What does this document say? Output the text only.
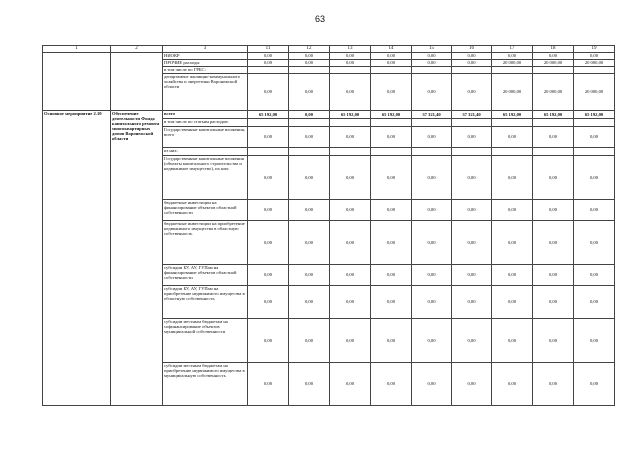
63
1	2	3	11	12	13	14	15	16	17	18	19
		НИОКР	0,00	0,00	0,00	0,00	0,00	0,00	0,00	0,00	0,00
		ПРОЧИЕ расходы	0,00	0,00	0,00	0,00	0,00	0,00	20 000,00	20 000,00	20 000,00
		в том числе по ГРБС:									
		департамент жилищно-коммунального хозяйства и энергетики Воронежской области	0,00	0,00	0,00	0,00	0,00	0,00	20 000,00	20 000,00	20 000,00
Основное мероприятие 2.10	Обеспечение деятельности Фонда капитального ремонта многоквартирных домов Воронежской области	всего	65 192,00	0,00	65 192,00	65 192,00	37 321,40	37 321,40	65 192,00	65 192,00	65 192,00
		в том числе по статьям расходов:									
		Государственные капитальные вложения, всего	0,00	0,00	0,00	0,00	0,00	0,00	0,00	0,00	0,00
		из них:									
		Государственные капитальные вложения (объекты капитального строительства и недвижимое имущество), их них:	0,00	0,00	0,00	0,00	0,00	0,00	0,00	0,00	0,00
		бюджетные инвестиции на финансирование объектов областной собственности	0,00	0,00	0,00	0,00	0,00	0,00	0,00	0,00	0,00
		бюджетные инвестиции на приобретение недвижимого имущества в областную собственность	0,00	0,00	0,00	0,00	0,00	0,00	0,00	0,00	0,00
		субсидии БУ, АУ, ГУПам на финансирование объектов областной собственности	0,00	0,00	0,00	0,00	0,00	0,00	0,00	0,00	0,00
		субсидии БУ, АУ, ГУПам на приобретение недвижимого имущества в областную собственность	0,00	0,00	0,00	0,00	0,00	0,00	0,00	0,00	0,00
		субсидии местным бюджетам на софинансирование объектов муниципальной собственности	0,00	0,00	0,00	0,00	0,00	0,00	0,00	0,00	0,00
		субсидии местным бюджетам на приобретение недвижимого имущества в муниципальную собственность	0,00	0,00	0,00	0,00	0,00	0,00	0,00	0,00	0,00
